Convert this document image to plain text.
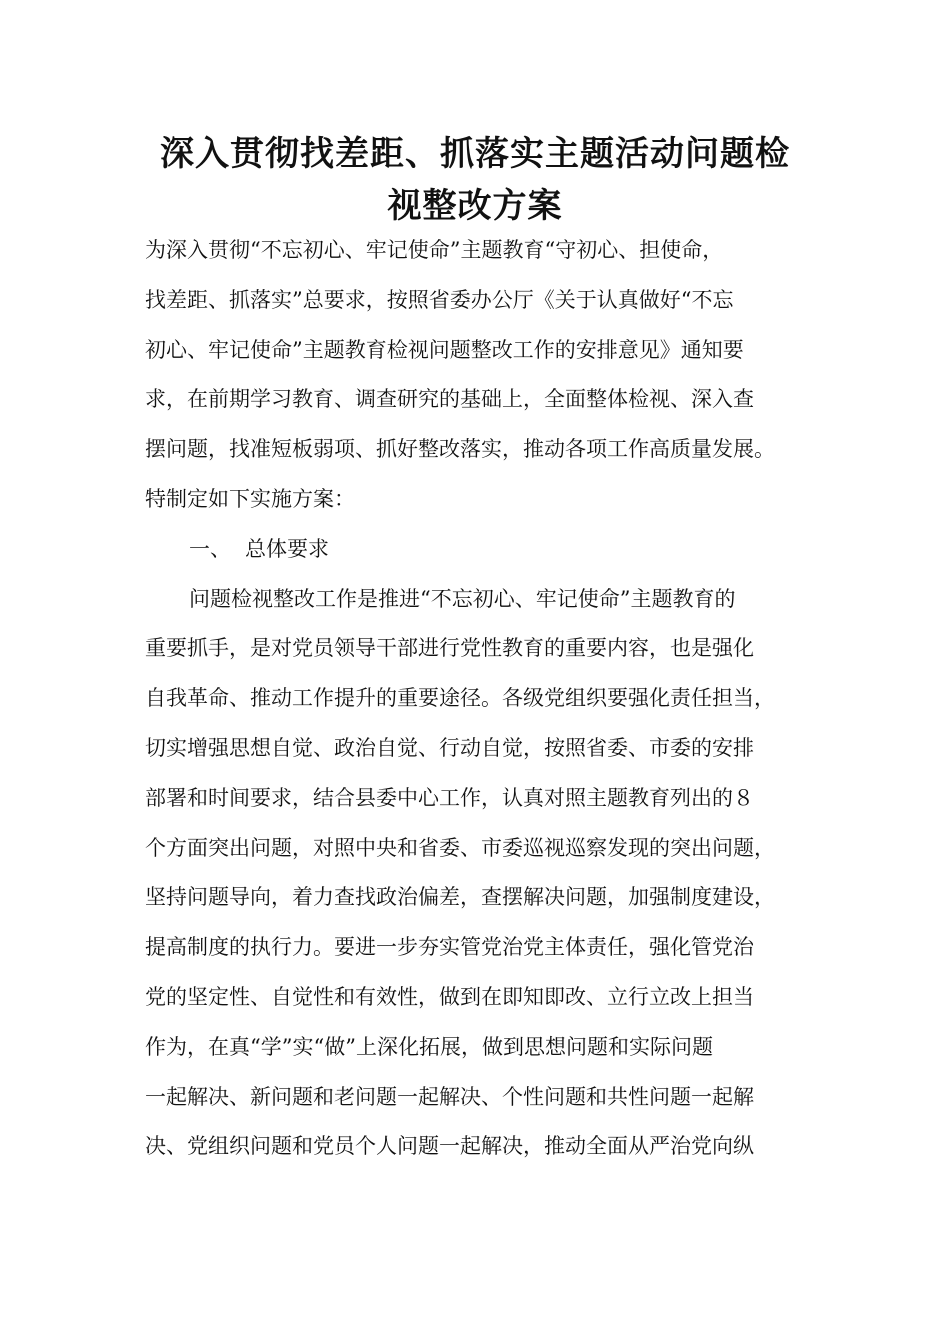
深入贯彻找差距、抓落实主题活动问题检
视整改方案
为深入贯彻“不忘初心、牢记使命”主题教育“守初心、担使命，
找差距、抓落实”总要求，按照省委办公厅《关于认真做好“不忘
初心、牢记使命”主题教育检视问题整改工作的安排意见》通知要
求，在前期学习教育、调查研究的基础上，全面整体检视、深入查
摆问题，找准短板弱项、抓好整改落实，推动各项工作高质量发展。
特制定如下实施方案：
一、 总体要求
问题检视整改工作是推进“不忘初心、牢记使命”主题教育的
重要抓手，是对党员领导干部进行党性教育的重要内容，也是强化
自我革命、推动工作提升的重要途径。各级党组织要强化责任担当，
切实增强思想自觉、政治自觉、行动自觉，按照省委、市委的安排
部署和时间要求，结合县委中心工作，认真对照主题教育列出的８
个方面突出问题，对照中央和省委、市委巡视巡察发现的突出问题，
坚持问题导向，着力查找政治偏差，查摆解决问题，加强制度建设，
提高制度的执行力。要进一步夯实管党治党主体责任，强化管党治
党的坚定性、自觉性和有效性，做到在即知即改、立行立改上担当
作为，在真“学”实“做”上深化拓展，做到思想问题和实际问题
一起解决、新问题和老问题一起解决、个性问题和共性问题一起解
决、党组织问题和党员个人问题一起解决，推动全面从严治党向纵
